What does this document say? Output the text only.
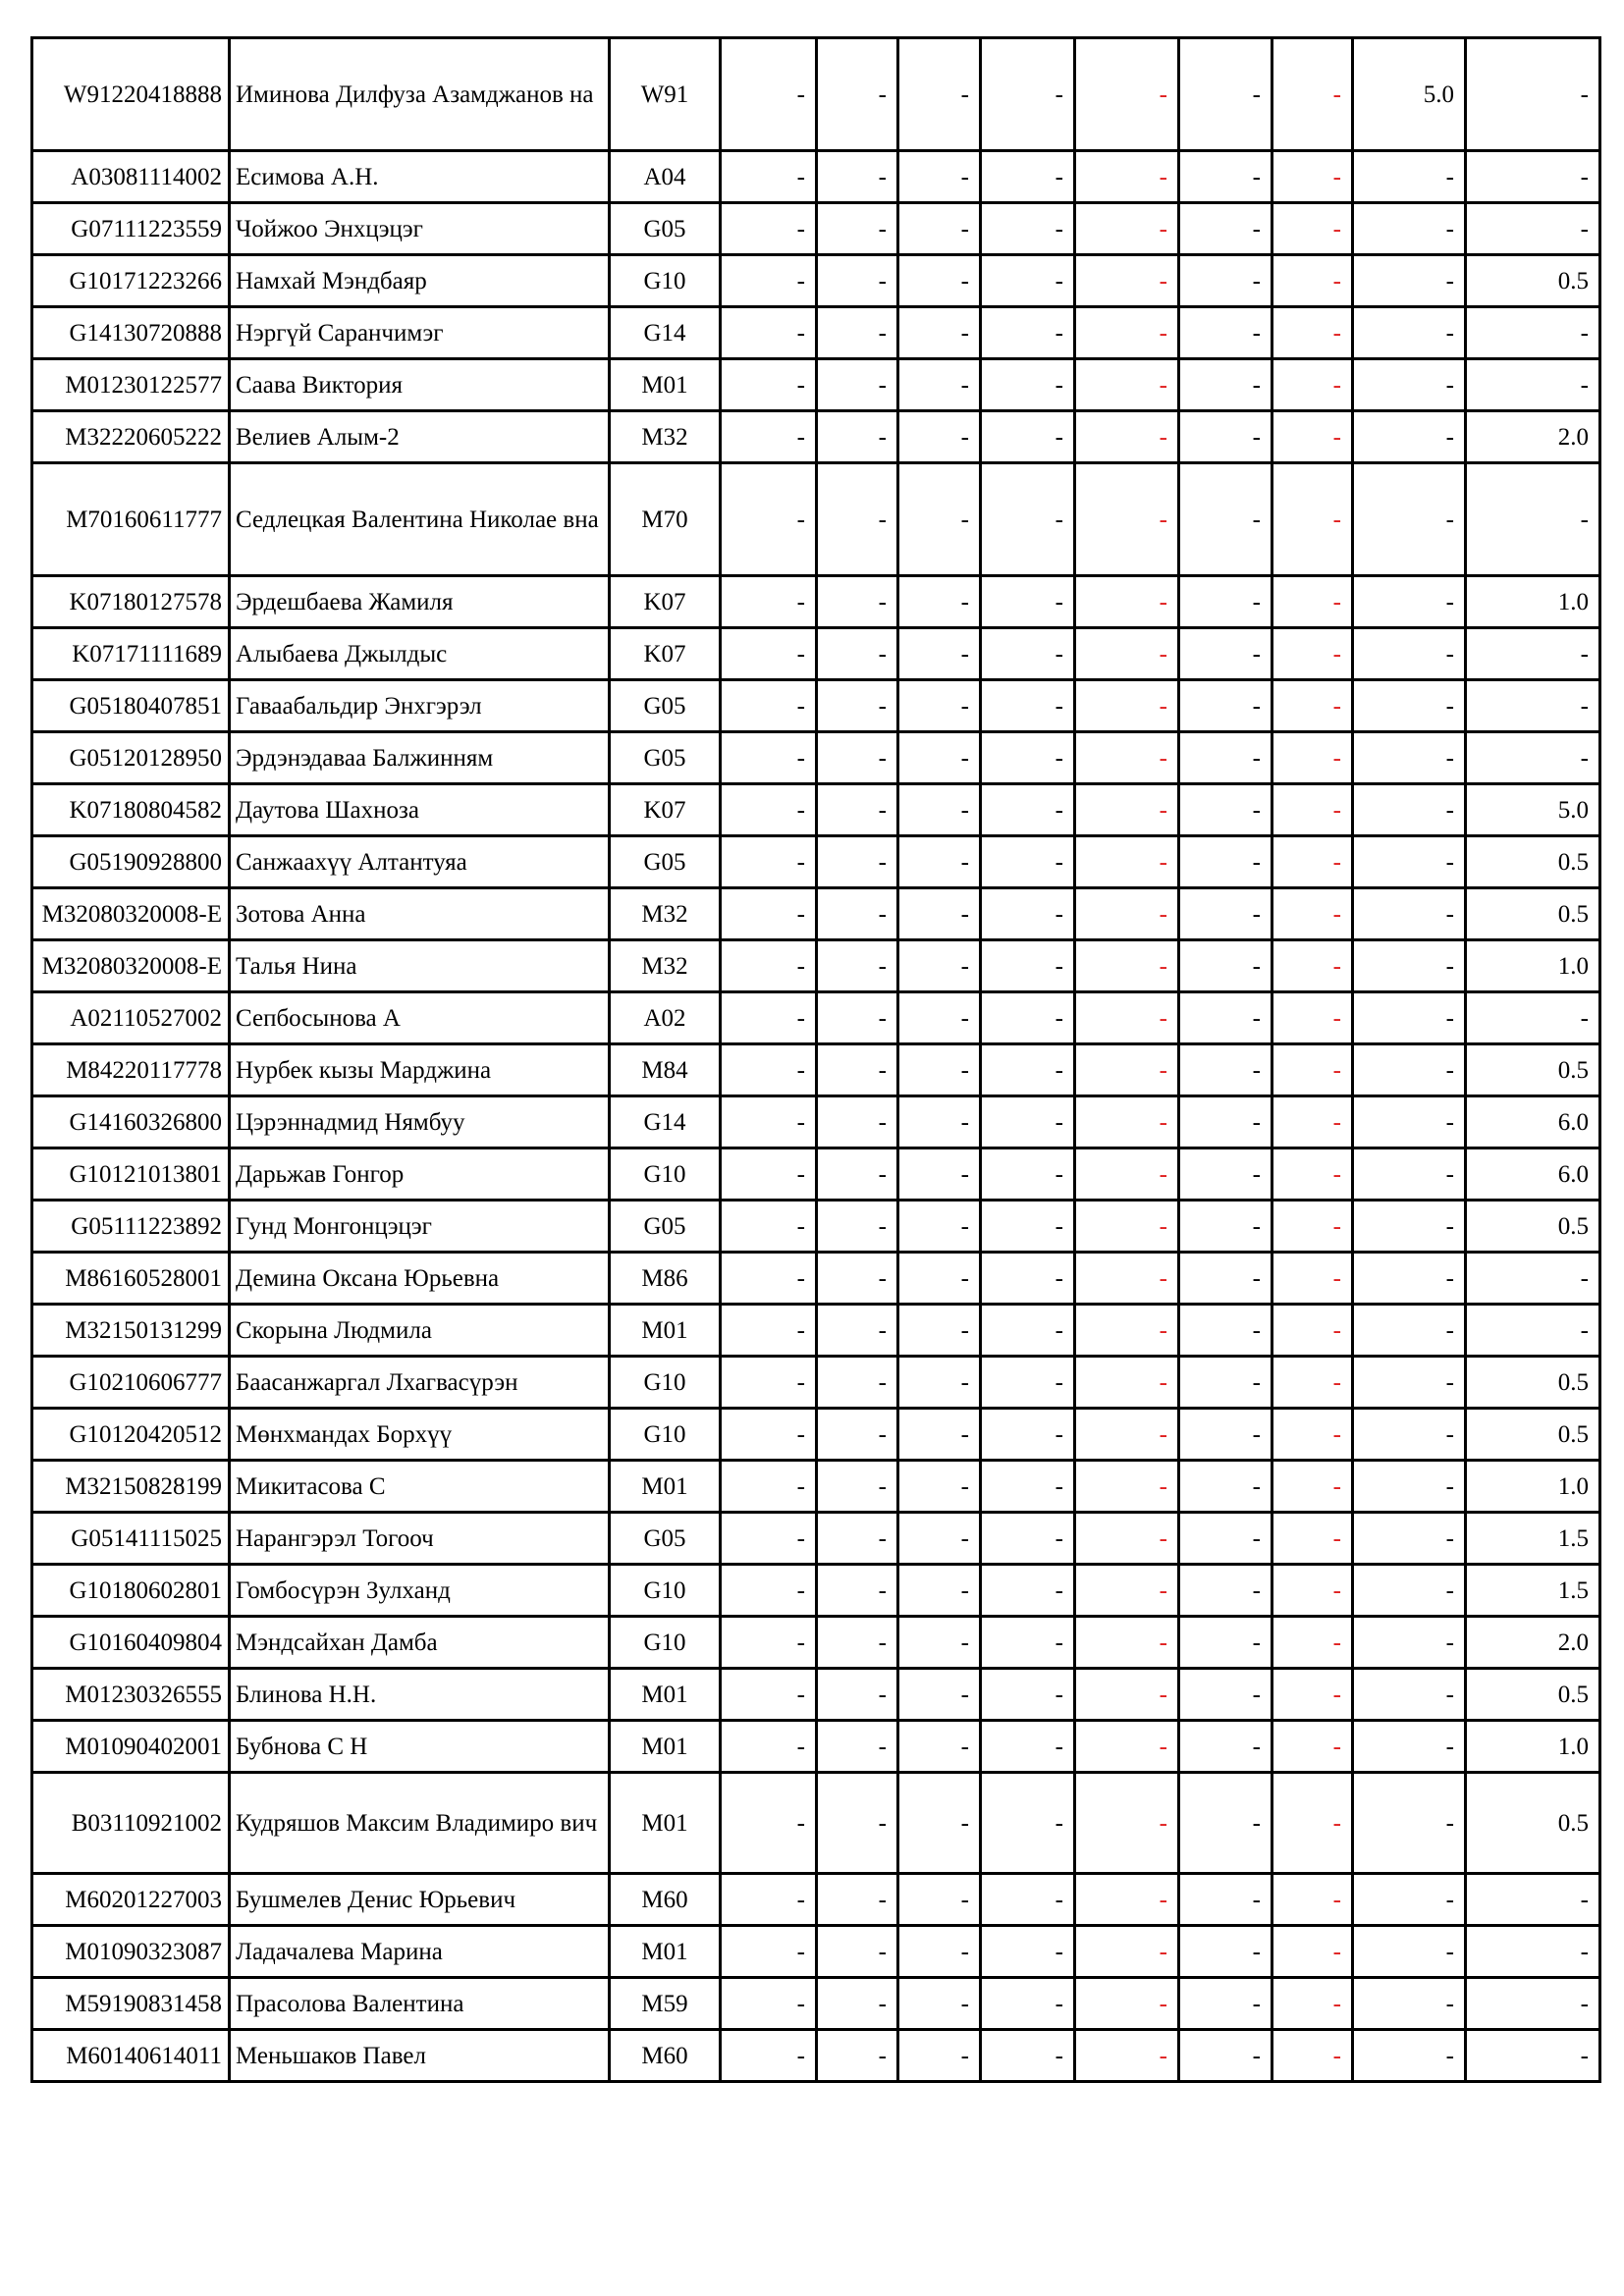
W91220418888	Иминова Дилфуза Азамджанов на	W91	-	-	-	-	-	-	-	5.0	-
A03081114002	Есимова А.Н.	A04	-	-	-	-	-	-	-	-	-
G07111223559	Чойжоо Энхцэцэг	G05	-	-	-	-	-	-	-	-	-
G10171223266	Намхай Мэндбаяр	G10	-	-	-	-	-	-	-	-	0.5
G14130720888	Нэргүй Саранчимэг	G14	-	-	-	-	-	-	-	-	-
M01230122577	Саава Виктория	M01	-	-	-	-	-	-	-	-	-
M32220605222	Велиев Алым-2	M32	-	-	-	-	-	-	-	-	2.0
M70160611777	Седлецкая Валентина Николае вна	M70	-	-	-	-	-	-	-	-	-
K07180127578	Эрдешбаева Жамиля	K07	-	-	-	-	-	-	-	-	1.0
K07171111689	Алыбаева Джылдыс	K07	-	-	-	-	-	-	-	-	-
G05180407851	Гаваабальдир Энхгэрэл	G05	-	-	-	-	-	-	-	-	-
G05120128950	Эрдэнэдаваа Балжинням	G05	-	-	-	-	-	-	-	-	-
K07180804582	Даутова Шахноза	K07	-	-	-	-	-	-	-	-	5.0
G05190928800	Санжаахүү Алтантуяа	G05	-	-	-	-	-	-	-	-	0.5
M32080320008-E	Зотова Анна	M32	-	-	-	-	-	-	-	-	0.5
M32080320008-E	Талья Нина	M32	-	-	-	-	-	-	-	-	1.0
A02110527002	Сепбосынова А	A02	-	-	-	-	-	-	-	-	-
M84220117778	Нурбек кызы Марджина	M84	-	-	-	-	-	-	-	-	0.5
G14160326800	Цэрэннадмид Нямбуу	G14	-	-	-	-	-	-	-	-	6.0
G10121013801	Дарьжав Гонгор	G10	-	-	-	-	-	-	-	-	6.0
G05111223892	Гунд Монгонцэцэг	G05	-	-	-	-	-	-	-	-	0.5
M86160528001	Демина Оксана Юрьевна	M86	-	-	-	-	-	-	-	-	-
M32150131299	Скорына Людмила	M01	-	-	-	-	-	-	-	-	-
G10210606777	Баасанжаргал Лхагвасүрэн	G10	-	-	-	-	-	-	-	-	0.5
G10120420512	Мөнхмандах Борхүү	G10	-	-	-	-	-	-	-	-	0.5
M32150828199	Микитасова С	M01	-	-	-	-	-	-	-	-	1.0
G05141115025	Нарангэрэл Тогооч	G05	-	-	-	-	-	-	-	-	1.5
G10180602801	Гомбосүрэн Зулханд	G10	-	-	-	-	-	-	-	-	1.5
G10160409804	Мэндсайхан Дамба	G10	-	-	-	-	-	-	-	-	2.0
M01230326555	Блинова Н.Н.	M01	-	-	-	-	-	-	-	-	0.5
M01090402001	Бубнова С Н	M01	-	-	-	-	-	-	-	-	1.0
B03110921002	Кудряшов Максим Владимиро вич	M01	-	-	-	-	-	-	-	-	0.5
M60201227003	Бушмелев Денис Юрьевич	M60	-	-	-	-	-	-	-	-	-
M01090323087	Ладачалева Марина	M01	-	-	-	-	-	-	-	-	-
M59190831458	Прасолова Валентина	M59	-	-	-	-	-	-	-	-	-
M60140614011	Меньшаков Павел	M60	-	-	-	-	-	-	-	-	-
